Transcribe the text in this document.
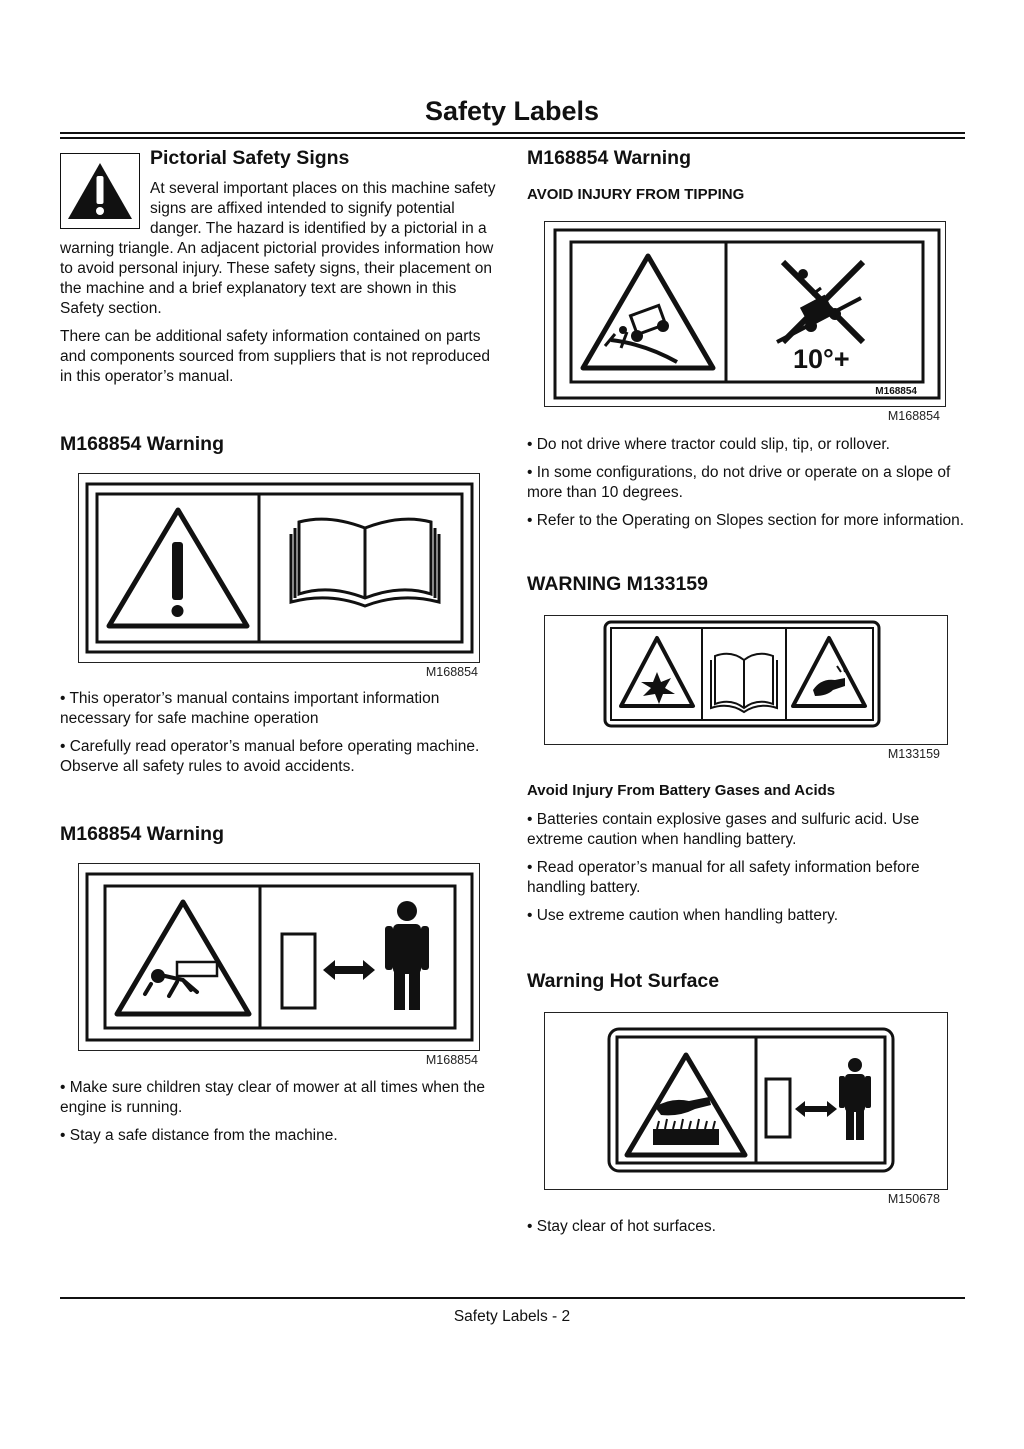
Safety Labels
Pictorial Safety Signs

At several important places on this machine safety signs are affixed intended to signify potential danger. The hazard is identified by a pictorial in a warning triangle. An adjacent pictorial provides information how to avoid personal injury. These safety signs, their placement on the machine and a brief explanatory text are shown in this Safety section.

There can be additional safety information contained on parts and components sourced from suppliers that is not reproduced in this operator’s manual.

M168854 Warning
M168854

• This operator’s manual contains important information necessary for safe machine operation

• Carefully read operator’s manual before operating machine. Observe all safety rules to avoid accidents.

M168854 Warning
M168854

• Make sure children stay clear of mower at all times when the engine is running.

• Stay a safe distance from the machine.

M168854 Warning
AVOID INJURY FROM TIPPING
10°+
M168854
M168854

• Do not drive where tractor could slip, tip, or rollover.

• In some configurations, do not drive or operate on a slope of more than 10 degrees.

• Refer to the Operating on Slopes section for more information.

WARNING M133159
M133159
Avoid Injury From Battery Gases and Acids

• Batteries contain explosive gases and sulfuric acid. Use extreme caution when handling battery.

• Read operator’s manual for all safety information before handling battery.

• Use extreme caution when handling battery.

Warning Hot Surface
M150678

• Stay clear of hot surfaces.

Safety Labels - 2
